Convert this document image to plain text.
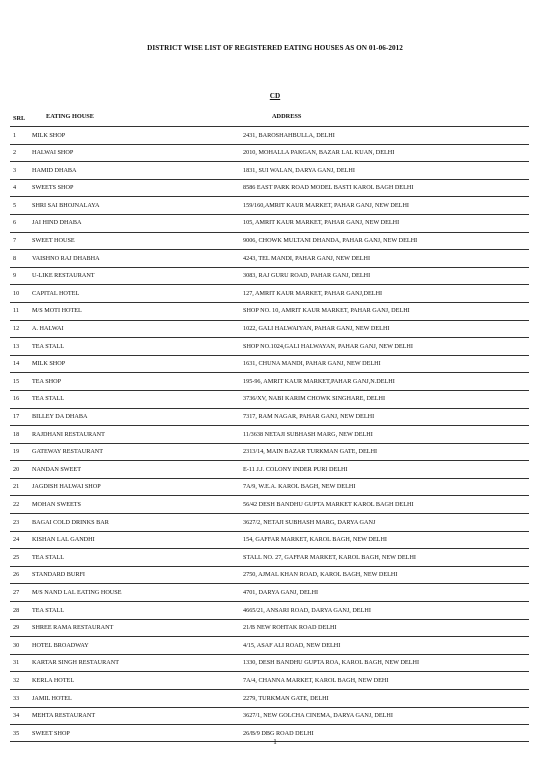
DISTRICT WISE LIST OF REGISTERED EATING HOUSES AS ON 01-06-2012
CD
SRL	EATING HOUSE	ADDRESS
1	MILK SHOP	2431, BAROSHAHBULLA, DELHI
2	HALWAI SHOP	2010, MOHALLA PAKGAN, BAZAR LAL KUAN, DELHI
3	HAMID DHABA	1831, SUI WALAN, DARYA GANJ, DELHI
4	SWEETS SHOP	8586 EAST PARK ROAD MODEL BASTI KAROL BAGH DELHI
5	SHRI SAI BHOJNALAYA	159/160,AMRIT KAUR MARKET, PAHAR GANJ, NEW DELHI
6	JAI HIND DHABA	105, AMRIT KAUR MARKET, PAHAR GANJ, NEW DELHI
7	SWEET HOUSE	9006, CHOWK MULTANI DHANDA, PAHAR GANJ, NEW DELHI
8	VAISHNO RAJ DHABHA	4243, TEL MANDI, PAHAR GANJ, NEW DELHI
9	U-LIKE RESTAURANT	3083, RAJ GURU ROAD, PAHAR GANJ, DELHI
10 CAPITAL HOTEL	127, AMRIT KAUR MARKET, PAHAR GANJ,DELHI
11 M/S MOTI HOTEL	SHOP NO. 10, AMRIT KAUR MARKET, PAHAR GANJ, DELHI
12 A. HALWAI	1022, GALI HALWAIYAN, PAHAR GANJ, NEW DELHI
13 TEA STALL	SHOP NO.1024,GALI HALWAYAN, PAHAR GANJ, NEW DELHI
14 MILK SHOP	1631, CHUNA MANDI, PAHAR GANJ, NEW DELHI
15 TEA SHOP	195-96, AMRIT KAUR MARKET,PAHAR GANJ,N.DELHI
16 TEA STALL	3736/XV, NABI KARIM CHOWK SINGHARE, DELHI
17 BILLEY DA DHABA	7317, RAM NAGAR, PAHAR GANJ, NEW DELHI
18 RAJDHANI RESTAURANT	11/3638 NETAJI SUBHASH MARG, NEW DELHI
19 GATEWAY RESTAURANT	2313/14, MAIN BAZAR TURKMAN GATE, DELHI
20 NANDAN SWEET	E-11 J.J. COLONY INDER PURI DELHI
21 JAGDISH HALWAI SHOP	7A/9, W.E.A. KAROL BAGH, NEW DELHI
22 MOHAN SWEETS	56/42 DESH BANDHU GUPTA MARKET KAROL BAGH DELHI
23 BAGAI COLD DRINKS BAR	3627/2, NETAJI SUBHASH MARG, DARYA GANJ
24 KISHAN LAL GANDHI	154, GAFFAR MARKET, KAROL BAGH, NEW DELHI
25 TEA STALL	STALL NO. 27, GAFFAR MARKET, KAROL BAGH, NEW DELHI
26 STANDARD BURFI	2750, AJMAL KHAN ROAD, KAROL BAGH, NEW DELHI
27 M/S NAND LAL EATING HOUSE	4701, DARYA GANJ, DELHI
28 TEA STALL	4665/21, ANSARI ROAD, DARYA GANJ, DELHI
29 SHREE RAMA RESTAURANT	21/B NEW ROHTAK ROAD DELHI
30 HOTEL BROADWAY	4/15, ASAF ALI ROAD, NEW DELHI
31 KARTAR SINGH RESTAURANT	1330, DESH BANDHU GUPTA ROA, KAROL BAGH, NEW DELHI
32 KERLA HOTEL	7A/4, CHANNA MARKET, KAROL BAGH, NEW DEHI
33 JAMIL HOTEL	2279, TURKMAN GATE, DELHI
34 MEHTA RESTAURANT	3627/1, NEW GOLCHA CINEMA, DARYA GANJ, DELHI
35 SWEET SHOP	26/B/9 DBG ROAD DELHI
1
